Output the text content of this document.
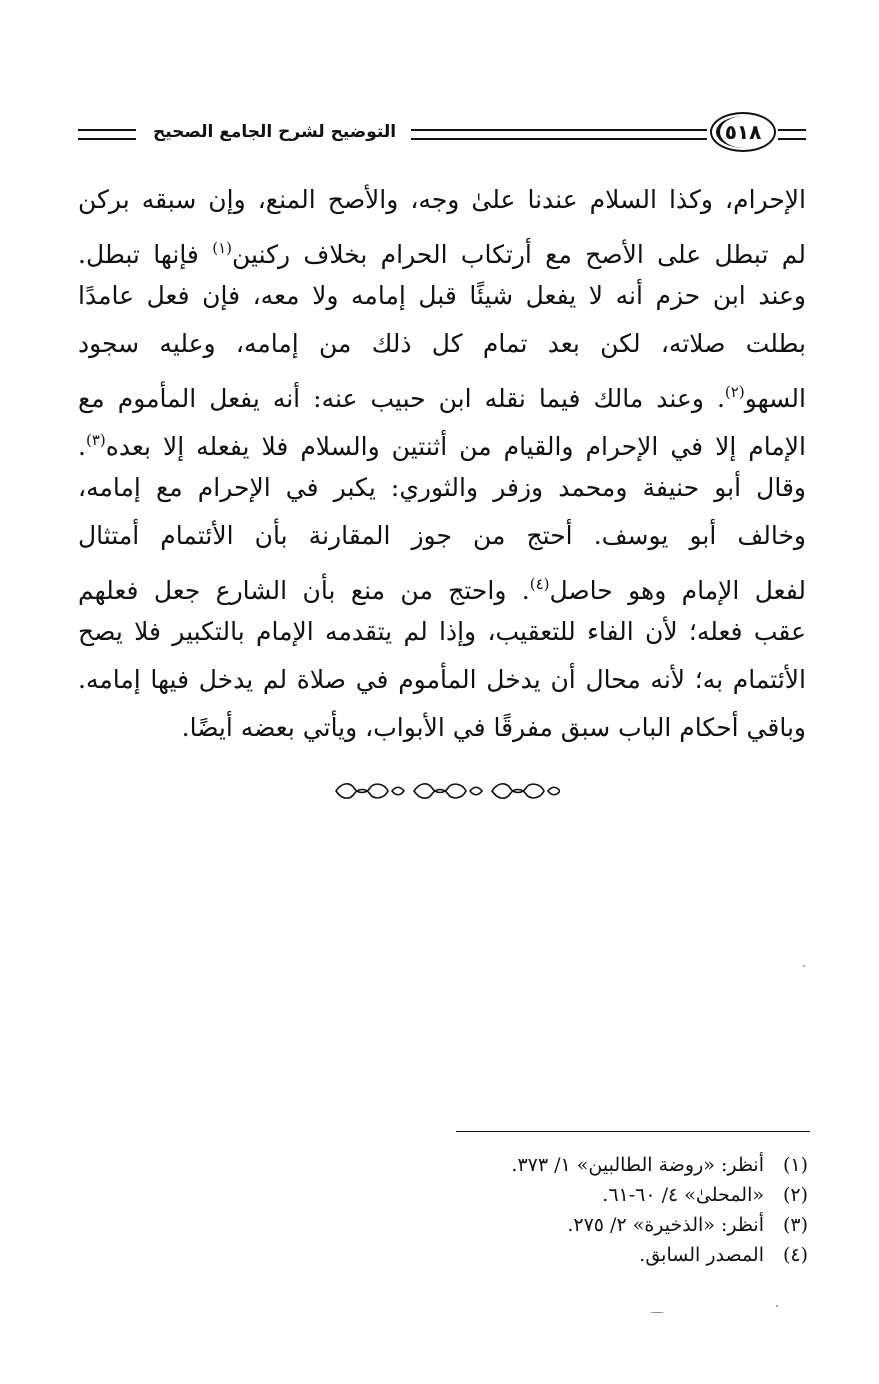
التوضيح لشرح الجامع الصحيح	٥١٨
الإحرام، وكذا السلام عندنا علىٰ وجه، والأصح المنع، وإن سبقه بركن
لم تبطل على الأصح مع أرتكاب الحرام بخلاف ركنين$^{(١)}$ فإنها تبطل.
وعند ابن حزم أنه لا يفعل شيئًا قبل إمامه ولا معه، فإن فعل عامدًا
بطلت صلاته، لكن بعد تمام كل ذلك من إمامه، وعليه سجود
السهو$^{(٢)}$. وعند مالك فيما نقله ابن حبيب عنه: أنه يفعل المأموم مع
الإمام إلا في الإحرام والقيام من أثنتين والسلام فلا يفعله إلا بعده$^{(٣)}$.
وقال أبو حنيفة ومحمد وزفر والثوري: يكبر في الإحرام مع إمامه،
وخالف أبو يوسف. أحتج من جوز المقارنة بأن الأئتمام أمتثال
لفعل الإمام وهو حاصل$^{(٤)}$. واحتج من منع بأن الشارع جعل فعلهم
عقب فعله؛ لأن الفاء للتعقيب، وإذا لم يتقدمه الإمام بالتكبير فلا يصح
الأئتمام به؛ لأنه محال أن يدخل المأموم في صلاة لم يدخل فيها إمامه.
وباقي أحكام الباب سبق مفرقًا في الأبواب، ويأتي بعضه أيضًا.
(١)
أنظر: «روضة الطالبين» ١/ ٣٧٣.
(٢)
«المحلىٰ» ٤/ ٦٠-٦١.
(٣)
أنظر: «الذخيرة» ٢/ ٢٧٥.
(٤)
المصدر السابق.
